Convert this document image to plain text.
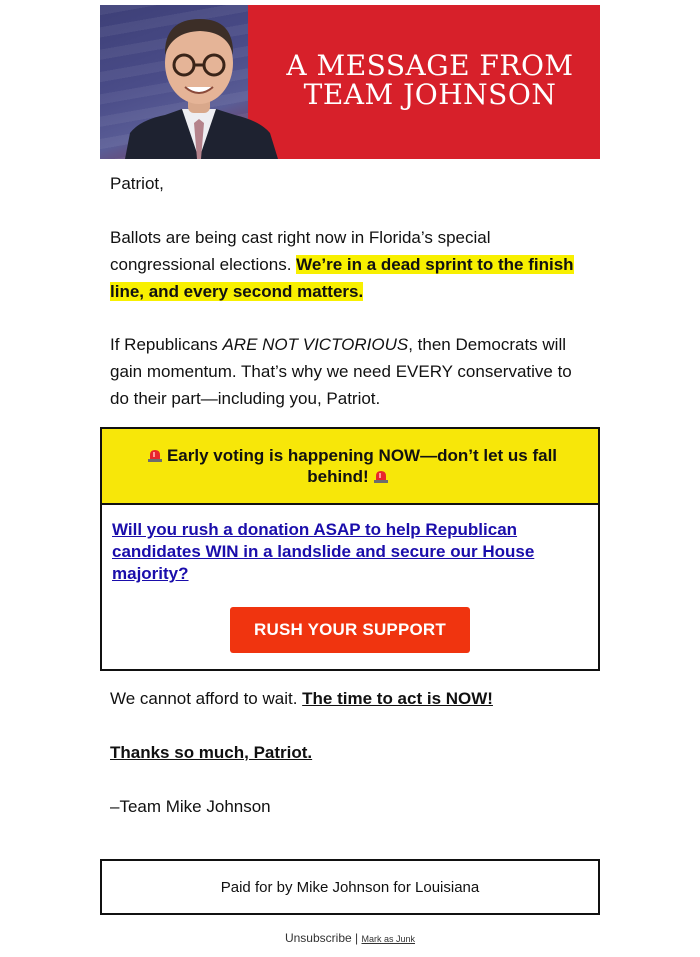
A MESSAGE FROM
TEAM JOHNSON
Patriot,
Ballots are being cast right now in Florida’s special congressional elections. We’re in a dead sprint to the finish line, and every second matters.
If Republicans ARE NOT VICTORIOUS, then Democrats will gain momentum. That’s why we need EVERY conservative to do their part—including you, Patriot.
Early voting is happening NOW—don’t let us fall behind!
Will you rush a donation ASAP to help Republican candidates WIN in a landslide and secure our House majority?
RUSH YOUR SUPPORT
We cannot afford to wait. The time to act is NOW!
Thanks so much, Patriot.
–Team Mike Johnson
Paid for by Mike Johnson for Louisiana
Unsubscribe | Mark as Junk
